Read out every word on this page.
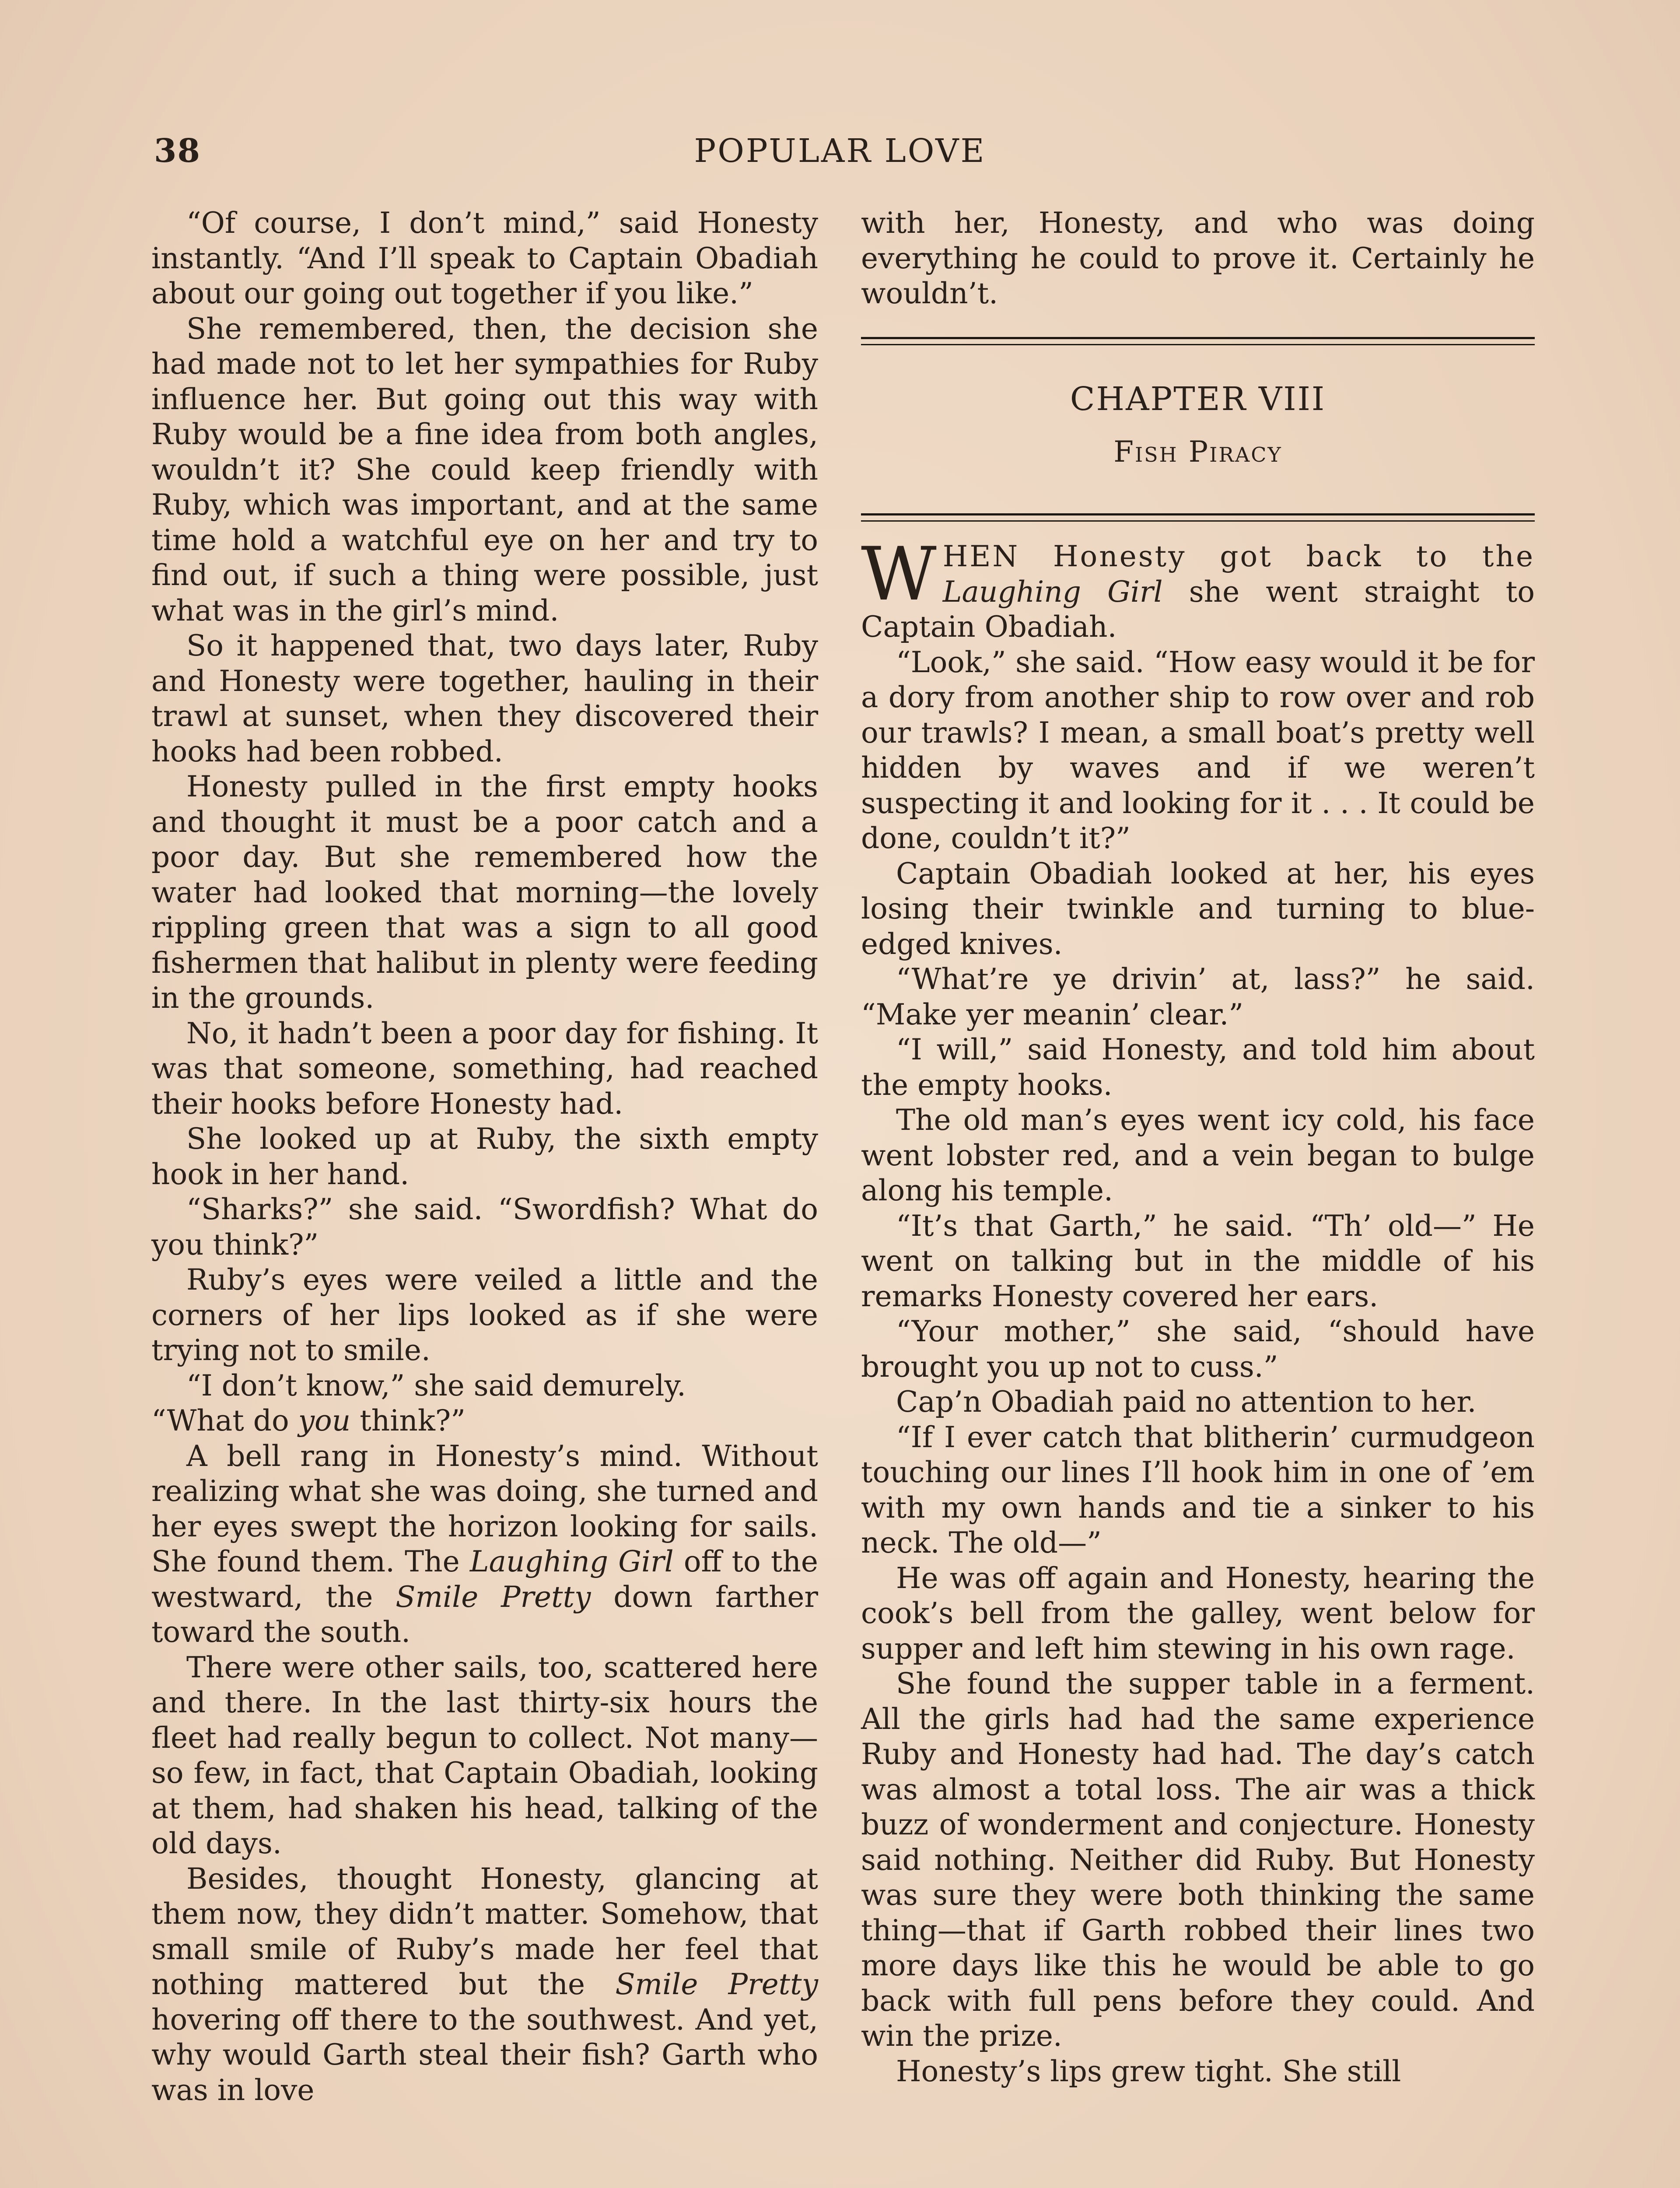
38	POPULAR LOVE

“Of course, I don’t mind,” said Honesty instantly. “And I’ll speak to Captain Obadiah about our going out together if you like.”

She remembered, then, the decision she had made not to let her sympathies for Ruby influence her. But going out this way with Ruby would be a fine idea from both angles, wouldn’t it? She could keep friendly with Ruby, which was important, and at the same time hold a watchful eye on her and try to find out, if such a thing were possible, just what was in the girl’s mind.

So it happened that, two days later, Ruby and Honesty were together, hauling in their trawl at sunset, when they discovered their hooks had been robbed.

Honesty pulled in the first empty hooks and thought it must be a poor catch and a poor day. But she remembered how the water had looked that morning—the lovely rippling green that was a sign to all good fishermen that halibut in plenty were feeding in the grounds.

No, it hadn’t been a poor day for fishing. It was that someone, something, had reached their hooks before Honesty had.

She looked up at Ruby, the sixth empty hook in her hand.

“Sharks?” she said. “Swordfish? What do you think?”

Ruby’s eyes were veiled a little and the corners of her lips looked as if she were trying not to smile.

“I don’t know,” she said demurely.

“What do you think?”

A bell rang in Honesty’s mind. Without realizing what she was doing, she turned and her eyes swept the horizon looking for sails. She found them. The Laughing Girl off to the westward, the Smile Pretty down farther toward the south.

There were other sails, too, scattered here and there. In the last thirty-six hours the fleet had really begun to collect. Not many—so few, in fact, that Captain Obadiah, looking at them, had shaken his head, talking of the old days.

Besides, thought Honesty, glancing at them now, they didn’t matter. Somehow, that small smile of Ruby’s made her feel that nothing mattered but the Smile Pretty hovering off there to the southwest. And yet, why would Garth steal their fish? Garth who was in love

with her, Honesty, and who was doing everything he could to prove it. Certainly he wouldn’t.

CHAPTER VIII
Fish Piracy

WHEN Honesty got back to the Laughing Girl she went straight to Captain Obadiah.

“Look,” she said. “How easy would it be for a dory from another ship to row over and rob our trawls? I mean, a small boat’s pretty well hidden by waves and if we weren’t suspecting it and looking for it . . . It could be done, couldn’t it?”

Captain Obadiah looked at her, his eyes losing their twinkle and turning to blue-edged knives.

“What’re ye drivin’ at, lass?” he said. “Make yer meanin’ clear.”

“I will,” said Honesty, and told him about the empty hooks.

The old man’s eyes went icy cold, his face went lobster red, and a vein began to bulge along his temple.

“It’s that Garth,” he said. “Th’ old—” He went on talking but in the middle of his remarks Honesty covered her ears.

“Your mother,” she said, “should have brought you up not to cuss.”

Cap’n Obadiah paid no attention to her.

“If I ever catch that blitherin’ curmudgeon touching our lines I’ll hook him in one of ’em with my own hands and tie a sinker to his neck. The old—”

He was off again and Honesty, hearing the cook’s bell from the galley, went below for supper and left him stewing in his own rage.

She found the supper table in a ferment. All the girls had had the same experience Ruby and Honesty had had. The day’s catch was almost a total loss. The air was a thick buzz of wonderment and conjecture. Honesty said nothing. Neither did Ruby. But Honesty was sure they were both thinking the same thing—that if Garth robbed their lines two more days like this he would be able to go back with full pens before they could. And win the prize.

Honesty’s lips grew tight. She still
